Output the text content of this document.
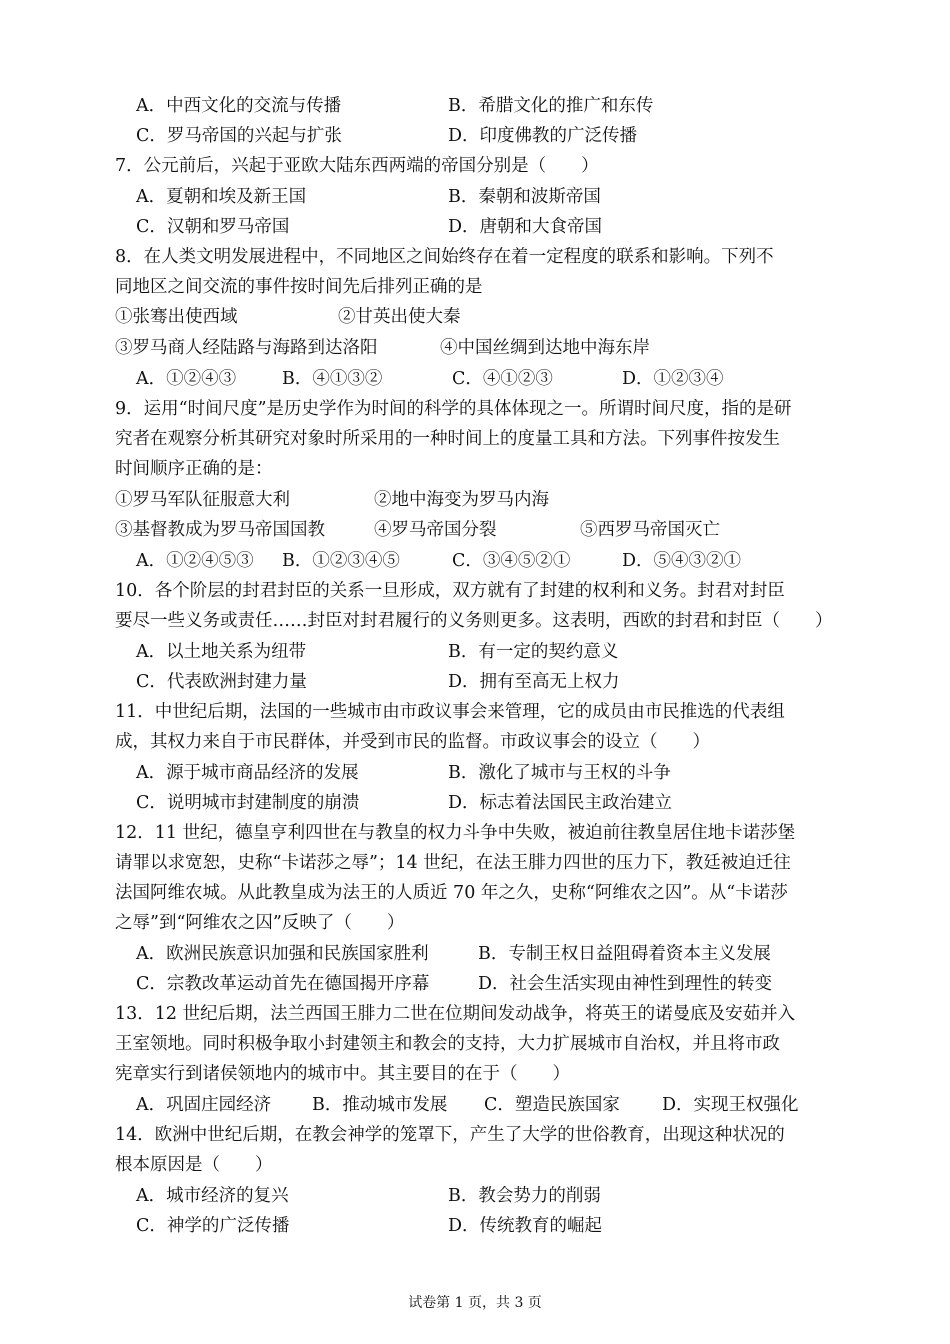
A．中西文化的交流与传播	B．希腊文化的推广和东传
C．罗马帝国的兴起与扩张	D．印度佛教的广泛传播
7．公元前后，兴起于亚欧大陆东西两端的帝国分别是（　　）
A．夏朝和埃及新王国	B．秦朝和波斯帝国
C．汉朝和罗马帝国	D．唐朝和大食帝国
8．在人类文明发展进程中，不同地区之间始终存在着一定程度的联系和影响。下列不
同地区之间交流的事件按时间先后排列正确的是
①张骞出使西域	②甘英出使大秦
③罗马商人经陆路与海路到达洛阳	④中国丝绸到达地中海东岸
A．①②④③	B．④①③②	C．④①②③	D．①②③④
9．运用“时间尺度”是历史学作为时间的科学的具体体现之一。所谓时间尺度，指的是研
究者在观察分析其研究对象时所采用的一种时间上的度量工具和方法。下列事件按发生
时间顺序正确的是：
①罗马军队征服意大利	②地中海变为罗马内海
③基督教成为罗马帝国国教	④罗马帝国分裂	⑤西罗马帝国灭亡
A．①②④⑤③ B．①②③④⑤	C．③④⑤②①	D．⑤④③②①
10．各个阶层的封君封臣的关系一旦形成，双方就有了封建的权利和义务。封君对封臣
要尽一些义务或责任……封臣对封君履行的义务则更多。这表明，西欧的封君和封臣（　　）
A．以土地关系为纽带	B．有一定的契约意义
C．代表欧洲封建力量	D．拥有至高无上权力
11．中世纪后期，法国的一些城市由市政议事会来管理，它的成员由市民推选的代表组
成，其权力来自于市民群体，并受到市民的监督。市政议事会的设立（　　）
A．源于城市商品经济的发展	B．激化了城市与王权的斗争
C．说明城市封建制度的崩溃	D．标志着法国民主政治建立
12．11 世纪，德皇亨利四世在与教皇的权力斗争中失败，被迫前往教皇居住地卡诺莎堡
请罪以求宽恕，史称“卡诺莎之辱”；14 世纪，在法王腓力四世的压力下，教廷被迫迁往
法国阿维农城。从此教皇成为法王的人质近 70 年之久，史称“阿维农之囚”。从“卡诺莎
之辱”到“阿维农之囚”反映了（　　）
A．欧洲民族意识加强和民族国家胜利	B．专制王权日益阻碍着资本主义发展
C．宗教改革运动首先在德国揭开序幕	D．社会生活实现由神性到理性的转变
13．12 世纪后期，法兰西国王腓力二世在位期间发动战争，将英王的诺曼底及安茹并入
王室领地。同时积极争取小封建领主和教会的支持，大力扩展城市自治权，并且将市政
宪章实行到诸侯领地内的城市中。其主要目的在于（　　）
A．巩固庄园经济 B．推动城市发展 C．塑造民族国家 D．实现王权强化
14．欧洲中世纪后期，在教会神学的笼罩下，产生了大学的世俗教育，出现这种状况的
根本原因是（　　）
A．城市经济的复兴	B．教会势力的削弱
C．神学的广泛传播	D．传统教育的崛起
试卷第 1 页，共 3 页
